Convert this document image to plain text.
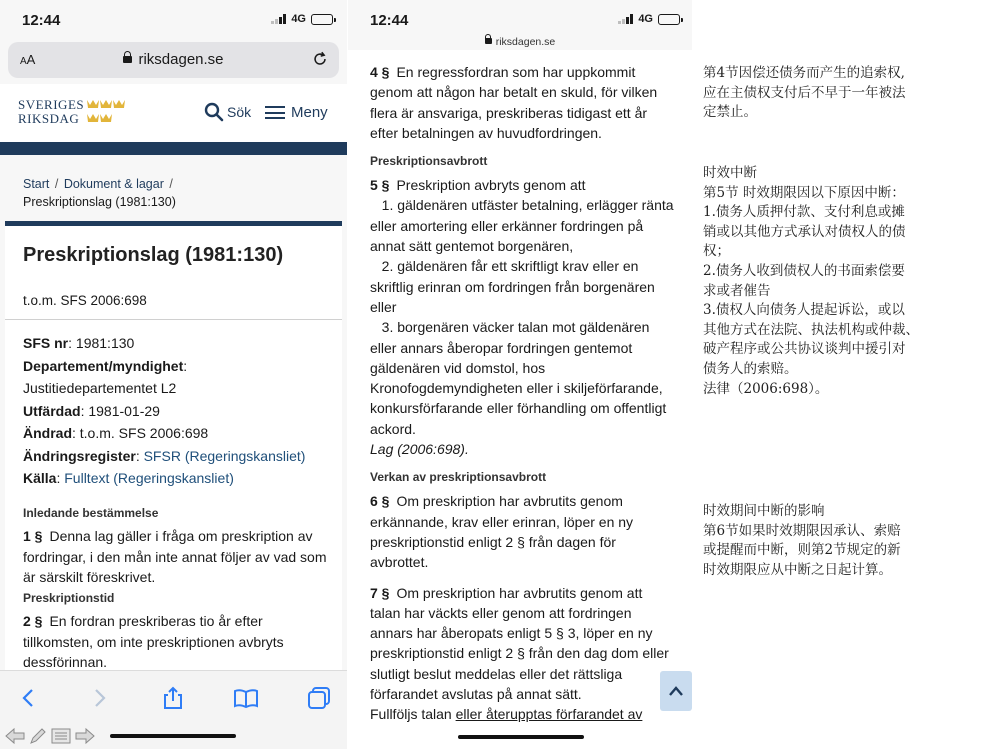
12:44	4G
AA	riksdagen.se
SVERIGES
RIKSDAG	Sök	Meny
Start / Dokument & lagar /
Preskriptionslag (1981:130)
Preskriptionslag (1981:130)
t.o.m. SFS 2006:698
SFS nr: 1981:130
Departement/myndighet:
Justitiedepartementet L2
Utfärdad: 1981-01-29
Ändrad: t.o.m. SFS 2006:698
Ändringsregister: SFSR (Regeringskansliet)
Källa: Fulltext (Regeringskansliet)
Inledande bestämmelse
1 § Denna lag gäller i fråga om preskription av fordringar, i den mån inte annat följer av vad som är särskilt föreskrivet.
Preskriptionstid
2 § En fordran preskriberas tio år efter tillkomsten, om inte preskriptionen avbryts dessförinnan.
12:44	4G
riksdagen.se

4 § En regressfordran som har uppkommit genom att någon har betalt en skuld, för vilken flera är ansvariga, preskriberas tidigast ett år efter betalningen av huvudfordringen.

Preskriptionsavbrott

5 § Preskription avbryts genom att

1. gäldenären utfäster betalning, erlägger ränta eller amortering eller erkänner fordringen på annat sätt gentemot borgenären,

2. gäldenären får ett skriftligt krav eller en skriftlig erinran om fordringen från borgenären eller

3. borgenären väcker talan mot gäldenären eller annars åberopar fordringen gentemot gäldenären vid domstol, hos Kronofogdemyndigheten eller i skiljeförfarande, konkursförfarande eller förhandling om offentligt ackord.

Lag (2006:698).

Verkan av preskriptionsavbrott

6 § Om preskription har avbrutits genom erkännande, krav eller erinran, löper en ny preskriptionstid enligt 2 § från dagen för avbrottet.

7 § Om preskription har avbrutits genom att talan har väckts eller genom att fordringen annars har åberopats enligt 5 § 3, löper en ny preskriptionstid enligt 2 § från den dag dom eller slutligt beslut meddelas eller det rättsliga förfarandet avslutas på annat sätt.

Fullföljs talan eller återupptas förfarandet av

第4节因偿还债务而产生的追索权,

应在主债权支付后不早于一年被法

定禁止。

时效中断

第5节 时效期限因以下原因中断：

1.债务人质押付款、支付利息或摊

销或以其他方式承认对债权人的债

权；

2.债务人收到债权人的书面索偿要

求或者催告

3.债权人向债务人提起诉讼，或以

其他方式在法院、执法机构或仲裁、

破产程序或公共协议谈判中援引对

债务人的索赔。

法律（2006:698）。

时效期间中断的影响

第6节如果时效期限因承认、索赔

或提醒而中断，则第2节规定的新

时效期限应从中断之日起计算。
